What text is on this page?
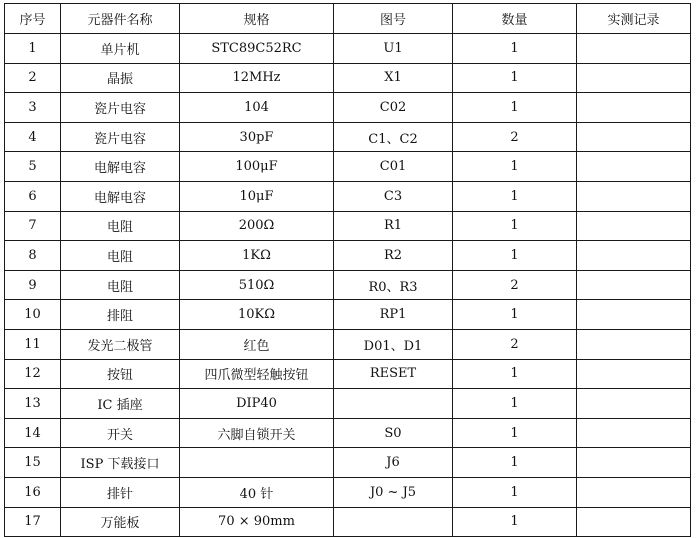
序号	元器件名称	规格	图号	数量	实测记录
1	单片机	STC89C52RC	U1	1	
2	晶振	12MHz	X1	1	
3	瓷片电容	104	C02	1	
4	瓷片电容	30pF	C1、C2	2	
5	电解电容	100μF	C01	1	
6	电解电容	10μF	C3	1	
7	电阻	200Ω	R1	1	
8	电阻	1KΩ	R2	1	
9	电阻	510Ω	R0、R3	2	
10	排阻	10KΩ	RP1	1	
11	发光二极管	红色	D01、D1	2	
12	按钮	四爪微型轻触按钮	RESET	1	
13	IC 插座	DIP40		1	
14	开关	六脚自锁开关	S0	1	
15	ISP 下载接口		J6	1	
16	排针	40 针	J0 ~ J5	1	
17	万能板	70 × 90mm		1	
